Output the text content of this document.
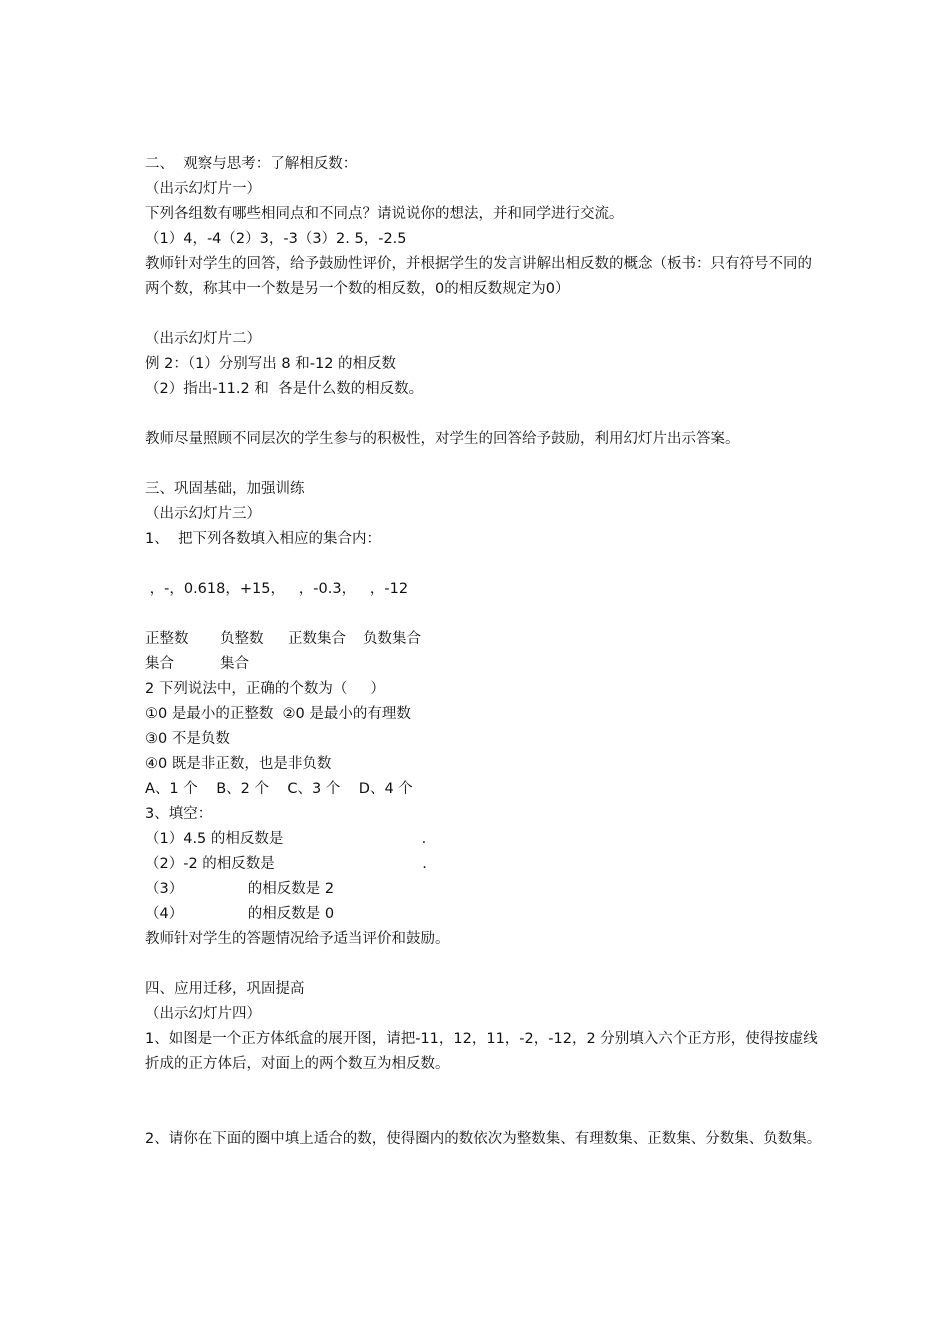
二、  观察与思考：了解相反数：
（出示幻灯片一）
下列各组数有哪些相同点和不同点？请说说你的想法，并和同学进行交流。
（1）4，-4（2）3，-3（3）2. 5，-2.5
教师针对学生的回答，给予鼓励性评价，并根据学生的发言讲解出相反数的概念（板书：只有符号不同的两个数，称其中一个数是另一个数的相反数，0的相反数规定为0）
（出示幻灯片二）
例 2：（1）分别写出 8 和-12 的相反数
（2）指出-11.2 和  各是什么数的相反数。
教师尽量照顾不同层次的学生参与的积极性，对学生的回答给予鼓励，利用幻灯片出示答案。
三、巩固基础，加强训练
（出示幻灯片三）
1、  把下列各数填入相应的集合内：
，-，0.618，+15，   ，-0.3，   ，-12
正整数	负整数	正数集合	负数集合
集合	集合
2 下列说法中，正确的个数为（     ）
①0 是最小的正整数  ②0 是最小的有理数
③0 不是负数
④0 既是非正数，也是非负数
A、1 个    B、2 个    C、3 个    D、4 个
3、填空：
（1）4.5 的相反数是                              .
（2）-2 的相反数是                                .
（3）              的相反数是 2
（4）              的相反数是 0
教师针对学生的答题情况给予适当评价和鼓励。
四、应用迁移，巩固提高
（出示幻灯片四）
1、如图是一个正方体纸盒的展开图，请把-11，12，11，-2，-12，2 分别填入六个正方形，使得按虚线 折成的正方体后，对面上的两个数互为相反数。
2、请你在下面的圈中填上适合的数，使得圈内的数依次为整数集、有理数集、正数集、分数集、负数集。
